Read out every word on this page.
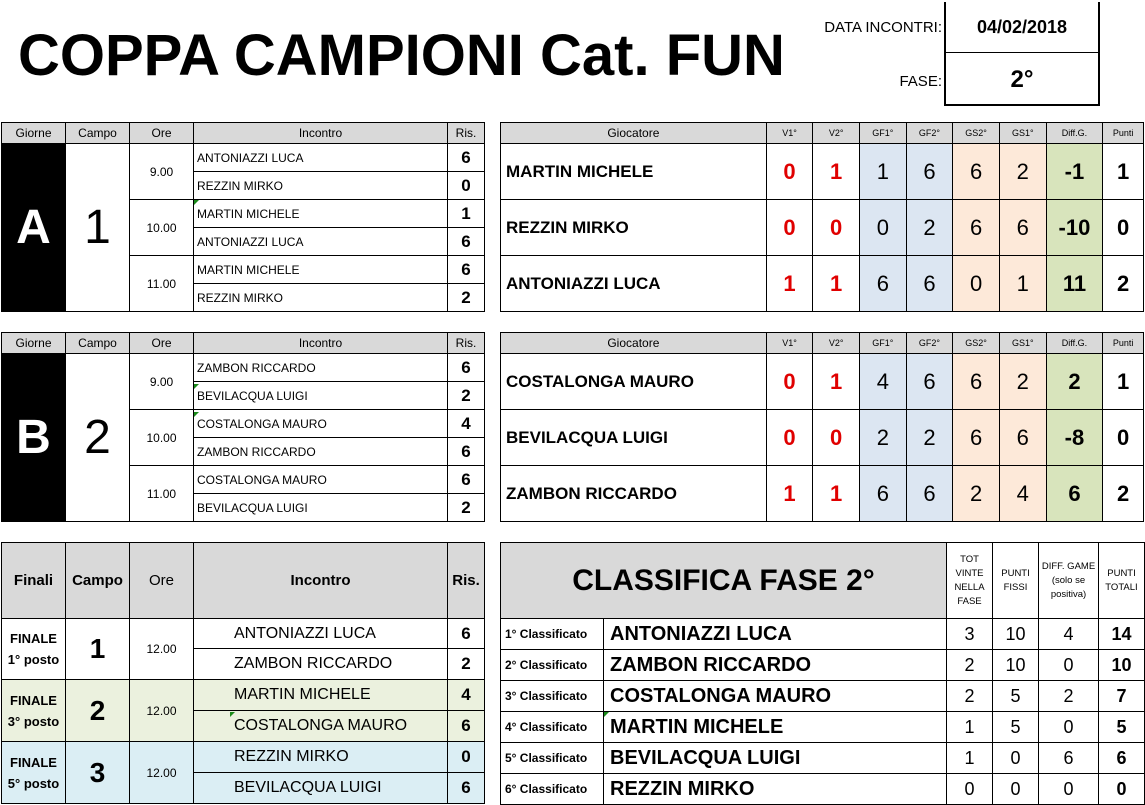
COPPA CAMPIONI Cat. FUN	DATA INCONTRI:	04/02/2018
FASE:	2°
Giorne	Campo	Ore	Incontro	Ris.
A	1	9.00	ANTONIAZZI LUCA	6
			REZZIN MIRKO	0
		10.00	MARTIN MICHELE	1
			ANTONIAZZI LUCA	6
		11.00	MARTIN MICHELE	6
			REZZIN MIRKO	2
Giocatore	V1°	V2°	GF1°	GF2°	GS2°	GS1°	Diff.G.	Punti
MARTIN MICHELE	0	1	1	6	6	2	-1	1
REZZIN MIRKO	0	0	0	2	6	6	-10	0
ANTONIAZZI LUCA	1	1	6	6	0	1	11	2
Giorne	Campo	Ore	Incontro	Ris.
B	2	9.00	ZAMBON RICCARDO	6
			BEVILACQUA LUIGI	2
		10.00	COSTALONGA MAURO	4
			ZAMBON RICCARDO	6
		11.00	COSTALONGA MAURO	6
			BEVILACQUA LUIGI	2
Giocatore	V1°	V2°	GF1°	GF2°	GS2°	GS1°	Diff.G.	Punti
COSTALONGA MAURO	0	1	4	6	6	2	2	1
BEVILACQUA LUIGI	0	0	2	2	6	6	-8	0
ZAMBON RICCARDO	1	1	6	6	2	4	6	2
Finali	Campo	Ore	Incontro	Ris.
FINALE
1° posto	1	12.00	ANTONIAZZI LUCA	6
			ZAMBON RICCARDO	2
FINALE
3° posto	2	12.00	MARTIN MICHELE	4
			COSTALONGA MAURO	6
FINALE
5° posto	3	12.00	REZZIN MIRKO	0
			BEVILACQUA LUIGI	6
CLASSIFICA FASE 2°		TOT VINTE NELLA FASE	PUNTI FISSI	DIFF. GAME (solo se positiva)	PUNTI TOTALI
1° Classificato	ANTONIAZZI LUCA	3	10	4	14
2° Classificato	ZAMBON RICCARDO	2	10	0	10
3° Classificato	COSTALONGA MAURO	2	5	2	7
4° Classificato	MARTIN MICHELE	1	5	0	5
5° Classificato	BEVILACQUA LUIGI	1	0	6	6
6° Classificato	REZZIN MIRKO	0	0	0	0
